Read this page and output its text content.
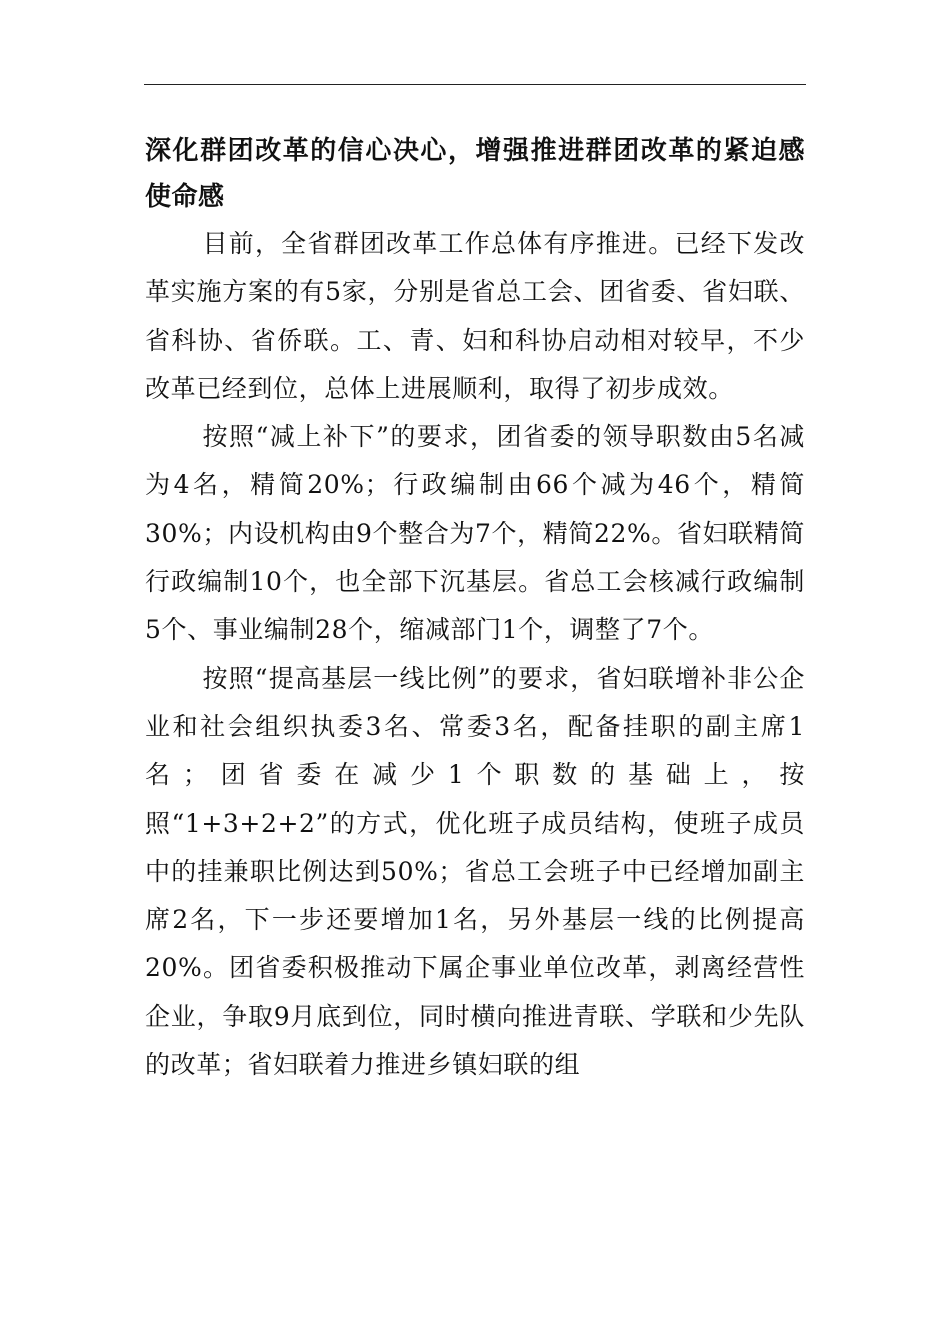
深化群团改革的信心决心，增强推进群团改革的紧迫感使命感

目前，全省群团改革工作总体有序推进。已经下发改革实施方案的有5家，分别是省总工会、团省委、省妇联、省科协、省侨联。工、青、妇和科协启动相对较早，不少改革已经到位，总体上进展顺利，取得了初步成效。

按照“减上补下”的要求，团省委的领导职数由5名减为4名，精简20%；行政编制由66个减为46个，精简30%；内设机构由9个整合为7个，精简22%。省妇联精简行政编制10个，也全部下沉基层。省总工会核减行政编制5个、事业编制28个，缩减部门1个，调整了7个。

按照“提高基层一线比例”的要求，省妇联增补非公企业和社会组织执委3名、常委3名，配备挂职的副主席1名；团省委在减少1个职数的基础上，按照“1+3+2+2”的方式，优化班子成员结构，使班子成员中的挂兼职比例达到50%；省总工会班子中已经增加副主席2名，下一步还要增加1名，另外基层一线的比例提高20%。团省委积极推动下属企事业单位改革，剥离经营性企业，争取9月底到位，同时横向推进青联、学联和少先队的改革；省妇联着力推进乡镇妇联的组
